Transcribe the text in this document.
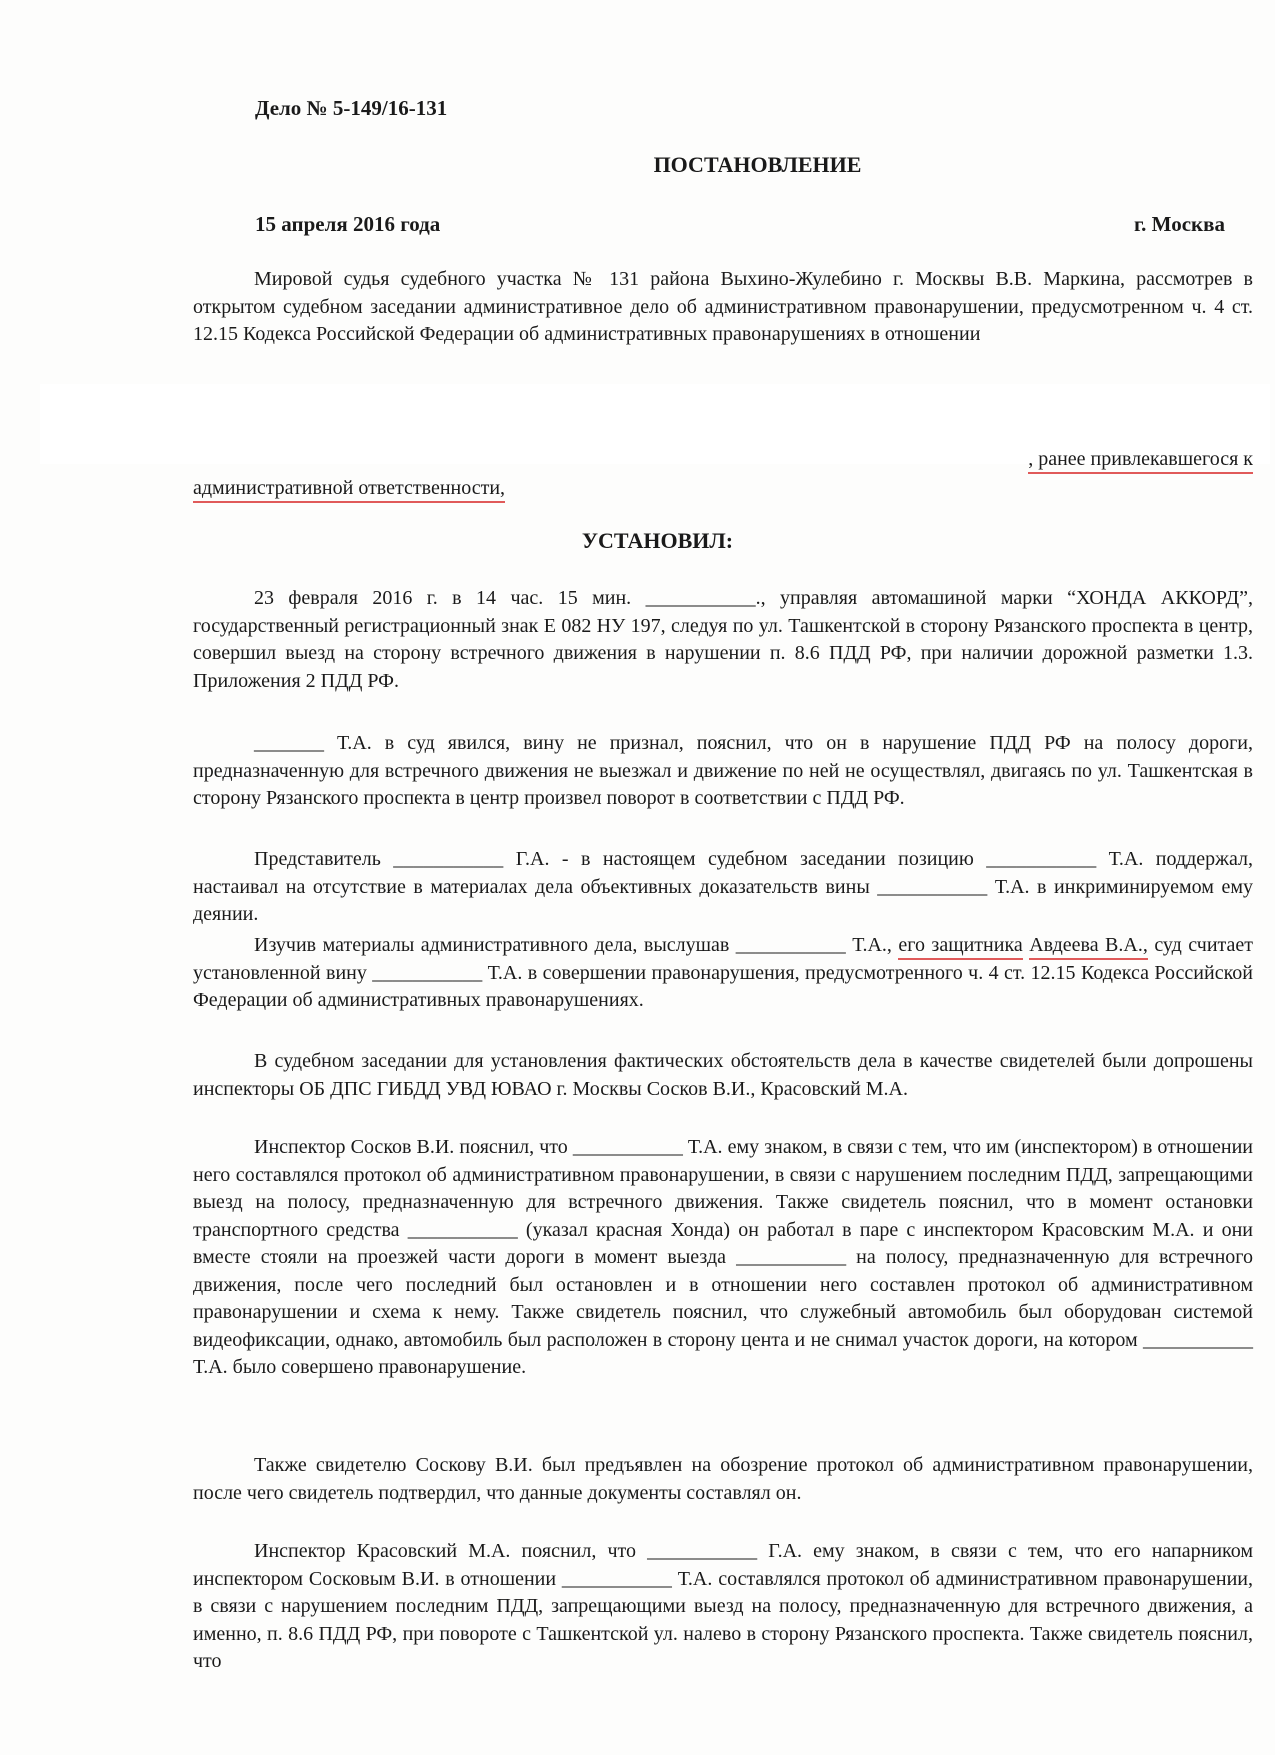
Дело № 5-149/16-131
ПОСТАНОВЛЕНИЕ
15 апреля 2016 года	г. Москва

Мировой судья судебного участка № 131 района Выхино-Жулебино г. Москвы В.В. Маркина, рассмотрев в открытом судебном заседании административное дело об административном правонарушении, предусмотренном ч. 4 ст. 12.15 Кодекса Российской Федерации об административных правонарушениях в отношении

, ранее привлекавшегося к
административной ответственности,
УСТАНОВИЛ:

23 февраля 2016 г. в 14 час. 15 мин. ___________., управляя автомашиной марки “ХОНДА АККОРД”, государственный регистрационный знак Е 082 НУ 197, следуя по ул. Ташкентской в сторону Рязанского проспекта в центр, совершил выезд на сторону встречного движения в нарушении п. 8.6 ПДД РФ, при наличии дорожной разметки 1.3. Приложения 2 ПДД РФ.

_______ Т.А. в суд явился, вину не признал, пояснил, что он в нарушение ПДД РФ на полосу дороги, предназначенную для встречного движения не выезжал и движение по ней не осуществлял, двигаясь по ул. Ташкентская в сторону Рязанского проспекта в центр произвел поворот в соответствии с ПДД РФ.

Представитель ___________ Г.А. - в настоящем судебном заседании позицию ___________ Т.А. поддержал, настаивал на отсутствие в материалах дела объективных доказательств вины ___________ Т.А. в инкриминируемом ему деянии.

Изучив материалы административного дела, выслушав ___________ Т.А., его защитника Авдеева В.А., суд считает установленной вину ___________ Т.А. в совершении правонарушения, предусмотренного ч. 4 ст. 12.15 Кодекса Российской Федерации об административных правонарушениях.

В судебном заседании для установления фактических обстоятельств дела в качестве свидетелей были допрошены инспекторы ОБ ДПС ГИБДД УВД ЮВАО г. Москвы Сосков В.И., Красовский М.А.

Инспектор Сосков В.И. пояснил, что ___________ Т.А. ему знаком, в связи с тем, что им (инспектором) в отношении него составлялся протокол об административном правонарушении, в связи с нарушением последним ПДД, запрещающими выезд на полосу, предназначенную для встречного движения. Также свидетель пояснил, что в момент остановки транспортного средства ___________ (указал красная Хонда) он работал в паре с инспектором Красовским М.А. и они вместе стояли на проезжей части дороги в момент выезда ___________ на полосу, предназначенную для встречного движения, после чего последний был остановлен и в отношении него составлен протокол об административном правонарушении и схема к нему. Также свидетель пояснил, что служебный автомобиль был оборудован системой видеофиксации, однако, автомобиль был расположен в сторону цента и не снимал участок дороги, на котором ___________ Т.А. было совершено правонарушение.

Также свидетелю Соскову В.И. был предъявлен на обозрение протокол об административном правонарушении, после чего свидетель подтвердил, что данные документы составлял он.

Инспектор Красовский М.А. пояснил, что ___________ Г.А. ему знаком, в связи с тем, что его напарником инспектором Сосковым В.И. в отношении ___________ Т.А. составлялся протокол об административном правонарушении, в связи с нарушением последним ПДД, запрещающими выезд на полосу, предназначенную для встречного движения, а именно, п. 8.6 ПДД РФ, при повороте с Ташкентской ул. налево в сторону Рязанского проспекта. Также свидетель пояснил, что
